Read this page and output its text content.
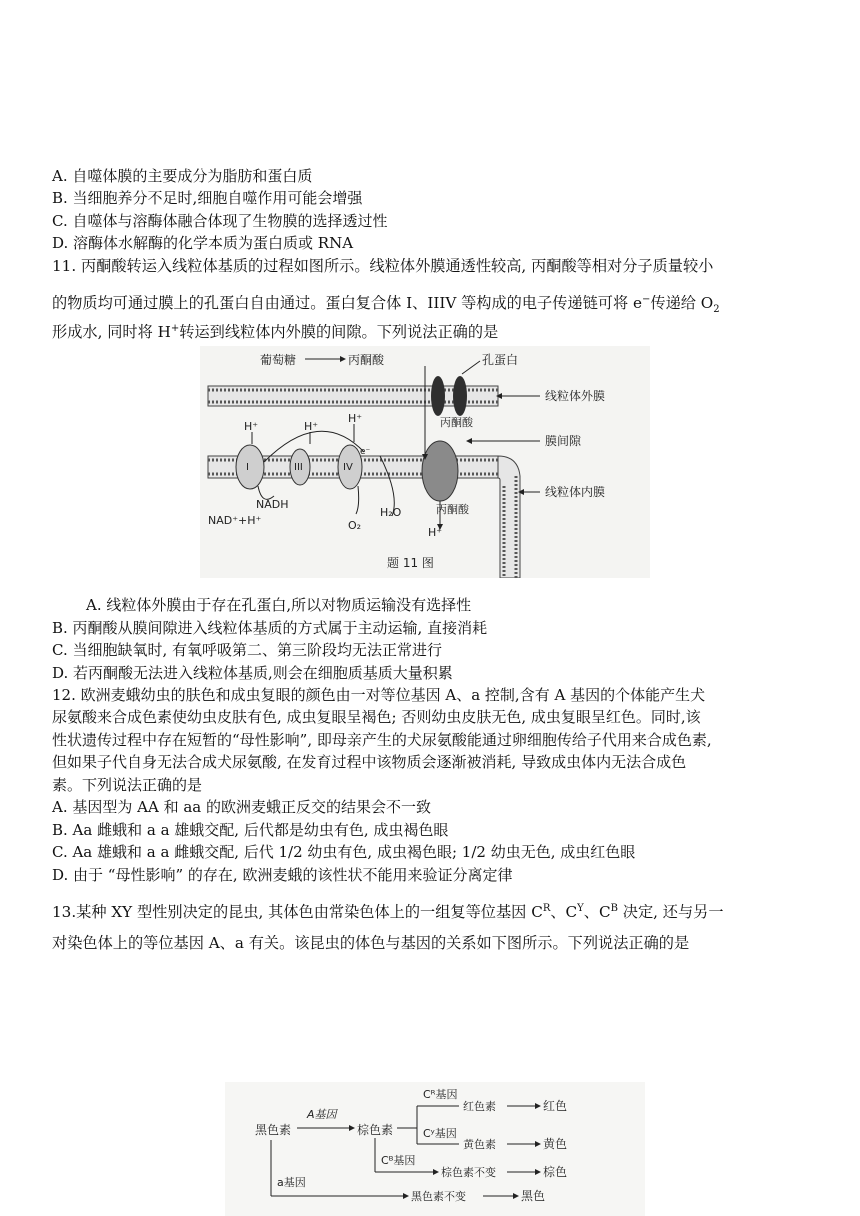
A. 自噬体膜的主要成分为脂肪和蛋白质
B. 当细胞养分不足时,细胞自噬作用可能会增强
C. 自噬体与溶酶体融合体现了生物膜的选择透过性
D. 溶酶体水解酶的化学本质为蛋白质或 RNA
11. 丙酮酸转运入线粒体基质的过程如图所示。线粒体外膜通透性较高, 丙酮酸等相对分子质量较小
的物质均可通过膜上的孔蛋白自由通过。蛋白复合体 I、IIIV 等构成的电子传递链可将 e−传递给 $O_2$
形成水, 同时将 H+转运到线粒体内外膜的间隙。下列说法正确的是
葡萄糖	丙酮酸	孔蛋白
线粒体外膜
丙酮酸
膜间隙
线粒体内膜
H⁺	H⁺
H⁺
I	III	IV
e⁻
NADH
NAD⁺+H⁺	O₂
H₂O	丙酮酸
H⁺
题 11 图
A. 线粒体外膜由于存在孔蛋白,所以对物质运输没有选择性
B. 丙酮酸从膜间隙进入线粒体基质的方式属于主动运输, 直接消耗
C. 当细胞缺氧时, 有氧呼吸第二、第三阶段均无法正常进行
D. 若丙酮酸无法进入线粒体基质,则会在细胞质基质大量积累
12. 欧洲麦蛾幼虫的肤色和成虫复眼的颜色由一对等位基因 A、a 控制,含有 A 基因的个体能产生犬
尿氨酸来合成色素使幼虫皮肤有色, 成虫复眼呈褐色; 否则幼虫皮肤无色, 成虫复眼呈红色。同时,该
性状遗传过程中存在短暂的“母性影响”, 即母亲产生的犬尿氨酸能通过卵细胞传给子代用来合成色素,
但如果子代自身无法合成犬尿氨酸, 在发育过程中该物质会逐渐被消耗, 导致成虫体内无法合成色
素。下列说法正确的是
A. 基因型为 AA 和 aa 的欧洲麦蛾正反交的结果会不一致
B. Aa 雌蛾和 a a 雄蛾交配, 后代都是幼虫有色, 成虫褐色眼
C. Aa 雄蛾和 a a 雌蛾交配, 后代 1/2 幼虫有色, 成虫褐色眼; 1/2 幼虫无色, 成虫红色眼
D. 由于 “母性影响” 的存在, 欧洲麦蛾的该性状不能用来验证分离定律
13.某种 XY 型性别决定的昆虫, 其体色由常染色体上的一组复等位基因 $C^R$、$C^Y$、$C^B$ 决定, 还与另一
对染色体上的等位基因 A、a 有关。该昆虫的体色与基因的关系如下图所示。下列说法正确的是
黑色素
A基因
棕色素
Cᴿ基因
红色素	红色
Cʸ基因
黄色素	黄色
Cᴮ基因
棕色素不变	棕色
a基因
黑色素不变	黑色
